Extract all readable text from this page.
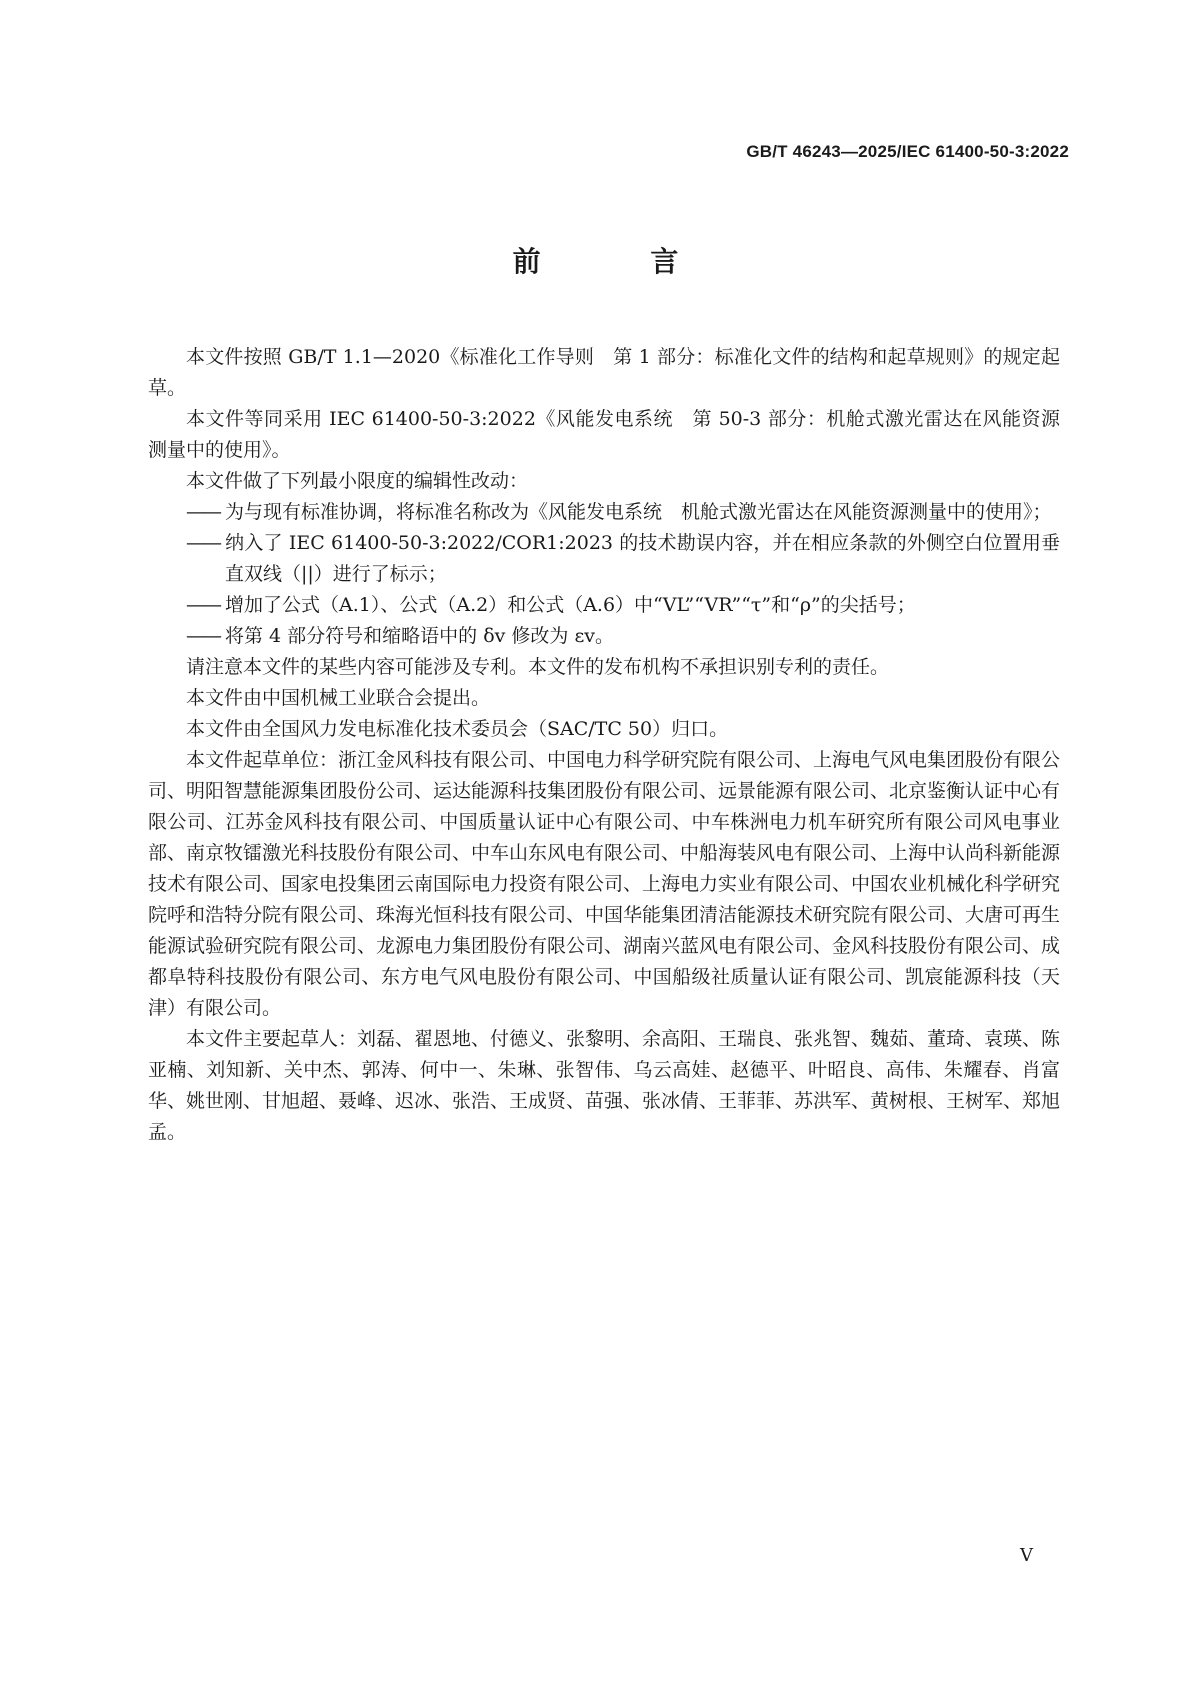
GB/T 46243—2025/IEC 61400-50-3:2022
前 言

本文件按照 GB/T 1.1—2020《标准化工作导则　第 1 部分：标准化文件的结构和起草规则》的规定起草。

本文件等同采用 IEC 61400-50-3:2022《风能发电系统　第 50-3 部分：机舱式激光雷达在风能资源测量中的使用》。

本文件做了下列最小限度的编辑性改动：

—— 为与现有标准协调，将标准名称改为《风能发电系统　机舱式激光雷达在风能资源测量中的使用》；

—— 纳入了 IEC 61400-50-3:2022/COR1:2023 的技术勘误内容，并在相应条款的外侧空白位置用垂直双线（||）进行了标示；

—— 增加了公式（A.1）、公式（A.2）和公式（A.6）中“VL”“VR”“τ”和“ρ”的尖括号；

—— 将第 4 部分符号和缩略语中的 δv 修改为 εv。

请注意本文件的某些内容可能涉及专利。本文件的发布机构不承担识别专利的责任。

本文件由中国机械工业联合会提出。

本文件由全国风力发电标准化技术委员会（SAC/TC 50）归口。

本文件起草单位：浙江金风科技有限公司、中国电力科学研究院有限公司、上海电气风电集团股份有限公司、明阳智慧能源集团股份公司、运达能源科技集团股份有限公司、远景能源有限公司、北京鉴衡认证中心有限公司、江苏金风科技有限公司、中国质量认证中心有限公司、中车株洲电力机车研究所有限公司风电事业部、南京牧镭激光科技股份有限公司、中车山东风电有限公司、中船海装风电有限公司、上海中认尚科新能源技术有限公司、国家电投集团云南国际电力投资有限公司、上海电力实业有限公司、中国农业机械化科学研究院呼和浩特分院有限公司、珠海光恒科技有限公司、中国华能集团清洁能源技术研究院有限公司、大唐可再生能源试验研究院有限公司、龙源电力集团股份有限公司、湖南兴蓝风电有限公司、金风科技股份有限公司、成都阜特科技股份有限公司、东方电气风电股份有限公司、中国船级社质量认证有限公司、凯宸能源科技（天津）有限公司。

本文件主要起草人：刘磊、翟恩地、付德义、张黎明、余高阳、王瑞良、张兆智、魏茹、董琦、袁瑛、陈亚楠、刘知新、关中杰、郭涛、何中一、朱琳、张智伟、乌云高娃、赵德平、叶昭良、高伟、朱耀春、肖富华、姚世刚、甘旭超、聂峰、迟冰、张浩、王成贤、苗强、张冰倩、王菲菲、苏洪军、黄树根、王树军、郑旭孟。

V
